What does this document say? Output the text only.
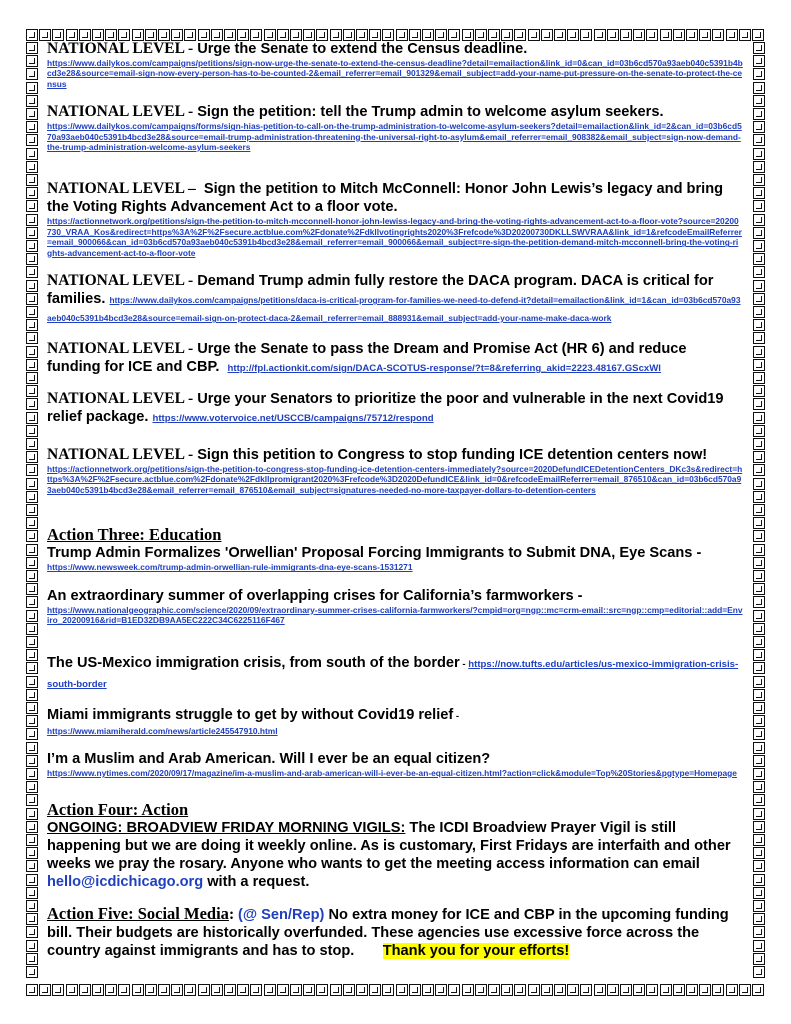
NATIONAL LEVEL - Urge the Senate to extend the Census deadline.
https://www.dailykos.com/campaigns/petitions/sign-now-urge-the-senate-to-extend-the-census-deadline?detail=emailaction&link_id=0&can_id=03b6cd570a93aeb040c5391b4bcd3e28&source=email-sign-now-every-person-has-to-be-counted-2&email_referrer=email_901329&email_subject=add-your-name-put-pressure-on-the-senate-to-protect-the-census
NATIONAL LEVEL - Sign the petition: tell the Trump admin to welcome asylum seekers.
https://www.dailykos.com/campaigns/forms/sign-hias-petition-to-call-on-the-trump-administration-to-welcome-asylum-seekers?detail=emailaction&link_id=2&can_id=03b6cd570a93aeb040c5391b4bcd3e28&source=email-trump-administration-threatening-the-universal-right-to-asylum&email_referrer=email_908382&email_subject=sign-now-demand-the-trump-administration-welcome-asylum-seekers
NATIONAL LEVEL – Sign the petition to Mitch McConnell: Honor John Lewis’s legacy and bring the Voting Rights Advancement Act to a floor vote.
https://actionnetwork.org/petitions/sign-the-petition-to-mitch-mcconnell-honor-john-lewiss-legacy-and-bring-the-voting-rights-advancement-act-to-a-floor-vote?source=20200730_VRAA_Kos&redirect=https%3A%2F%2Fsecure.actblue.com%2Fdonate%2Fdkllvotingrights2020%3Frefcode%3D20200730DKLLSWVRAA&link_id=1&refcodeEmailReferrer=email_900066&can_id=03b6cd570a93aeb040c5391b4bcd3e28&email_referrer=email_900066&email_subject=re-sign-the-petition-demand-mitch-mcconnell-bring-the-voting-rights-advancement-act-to-a-floor-vote
NATIONAL LEVEL - Demand Trump admin fully restore the DACA program. DACA is critical for families. https://www.dailykos.com/campaigns/petitions/daca-is-critical-program-for-families-we-need-to-defend-it?detail=emailaction&link_id=1&can_id=03b6cd570a93aeb040c5391b4bcd3e28&source=email-sign-on-protect-daca-2&email_referrer=email_888931&email_subject=add-your-name-make-daca-work
NATIONAL LEVEL - Urge the Senate to pass the Dream and Promise Act (HR 6) and reduce funding for ICE and CBP. http://fpl.actionkit.com/sign/DACA-SCOTUS-response/?t=8&referring_akid=2223.48167.GScxWl
NATIONAL LEVEL - Urge your Senators to prioritize the poor and vulnerable in the next Covid19 relief package. https://www.votervoice.net/USCCB/campaigns/75712/respond
NATIONAL LEVEL - Sign this petition to Congress to stop funding ICE detention centers now!
https://actionnetwork.org/petitions/sign-the-petition-to-congress-stop-funding-ice-detention-centers-immediately?source=2020DefundICEDetentionCenters_DKc3s&redirect=https%3A%2F%2Fsecure.actblue.com%2Fdonate%2Fdkllpromigrant2020%3Frefcode%3D2020DefundICE&link_id=0&refcodeEmailReferrer=email_876510&can_id=03b6cd570a93aeb040c5391b4bcd3e28&email_referrer=email_876510&email_subject=signatures-needed-no-more-taxpayer-dollars-to-detention-centers
Action Three: Education
Trump Admin Formalizes 'Orwellian' Proposal Forcing Immigrants to Submit DNA, Eye Scans -
https://www.newsweek.com/trump-admin-orwellian-rule-immigrants-dna-eye-scans-1531271
An extraordinary summer of overlapping crises for California’s farmworkers -
https://www.nationalgeographic.com/science/2020/09/extraordinary-summer-crises-california-farmworkers/?cmpid=org=ngp::mc=crm-email::src=ngp::cmp=editorial::add=Enviro_20200916&rid=B1ED32DB9AA5EC222C34C6225116F467
The US-Mexico immigration crisis, from south of the border - https://now.tufts.edu/articles/us-mexico-immigration-crisis-south-border
Miami immigrants struggle to get by without Covid19 relief -
https://www.miamiherald.com/news/article245547910.html
I’m a Muslim and Arab American. Will I ever be an equal citizen?
https://www.nytimes.com/2020/09/17/magazine/im-a-muslim-and-arab-american-will-i-ever-be-an-equal-citizen.html?action=click&module=Top%20Stories&pgtype=Homepage
Action Four: Action
ONGOING: BROADVIEW FRIDAY MORNING VIGILS: The ICDI Broadview Prayer Vigil is still happening but we are doing it weekly online. As is customary, First Fridays are interfaith and other weeks we pray the rosary. Anyone who wants to get the meeting access information can email hello@icdichicago.org with a request.
Action Five: Social Media: (@ Sen/Rep) No extra money for ICE and CBP in the upcoming funding bill. Their budgets are historically overfunded. These agencies use excessive force across the country against immigrants and has to stop. Thank you for your efforts!
